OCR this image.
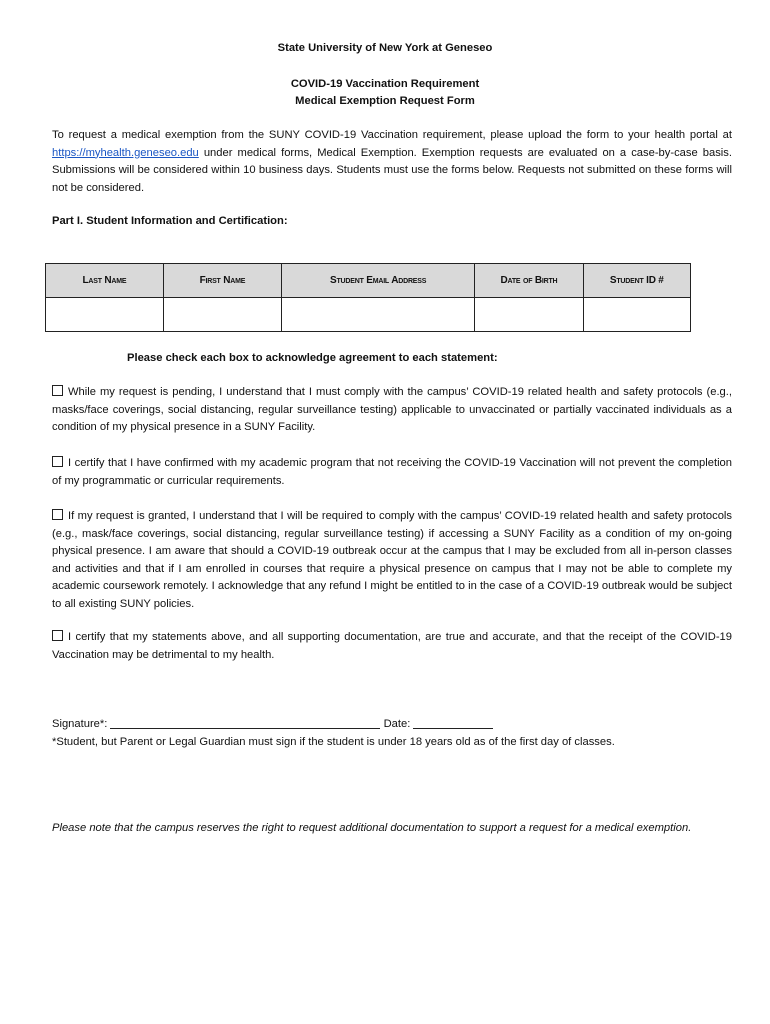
State University of New York at Geneseo
COVID-19 Vaccination Requirement
Medical Exemption Request Form
To request a medical exemption from the SUNY COVID-19 Vaccination requirement, please upload the form to your health portal at https://myhealth.geneseo.edu under medical forms, Medical Exemption. Exemption requests are evaluated on a case-by-case basis. Submissions will be considered within 10 business days. Students must use the forms below. Requests not submitted on these forms will not be considered.
Part I. Student Information and Certification:
Last Name	First Name	Student Email Address	Date of Birth	Student ID #

Please check each box to acknowledge agreement to each statement:
While my request is pending, I understand that I must comply with the campus’ COVID-19 related health and safety protocols (e.g., masks/face coverings, social distancing, regular surveillance testing) applicable to unvaccinated or partially vaccinated individuals as a condition of my physical presence in a SUNY Facility.
I certify that I have confirmed with my academic program that not receiving the COVID-19 Vaccination will not prevent the completion of my programmatic or curricular requirements.
If my request is granted, I understand that I will be required to comply with the campus’ COVID-19 related health and safety protocols (e.g., mask/face coverings, social distancing, regular surveillance testing) if accessing a SUNY Facility as a condition of my on-going physical presence. I am aware that should a COVID-19 outbreak occur at the campus that I may be excluded from all in-person classes and activities and that if I am enrolled in courses that require a physical presence on campus that I may not be able to complete my academic coursework remotely. I acknowledge that any refund I might be entitled to in the case of a COVID-19 outbreak would be subject to all existing SUNY policies.
I certify that my statements above, and all supporting documentation, are true and accurate, and that the receipt of the COVID-19 Vaccination may be detrimental to my health.
Signature*:	Date:
*Student, but Parent or Legal Guardian must sign if the student is under 18 years old as of the first day of classes.
Please note that the campus reserves the right to request additional documentation to support a request for a medical exemption.
